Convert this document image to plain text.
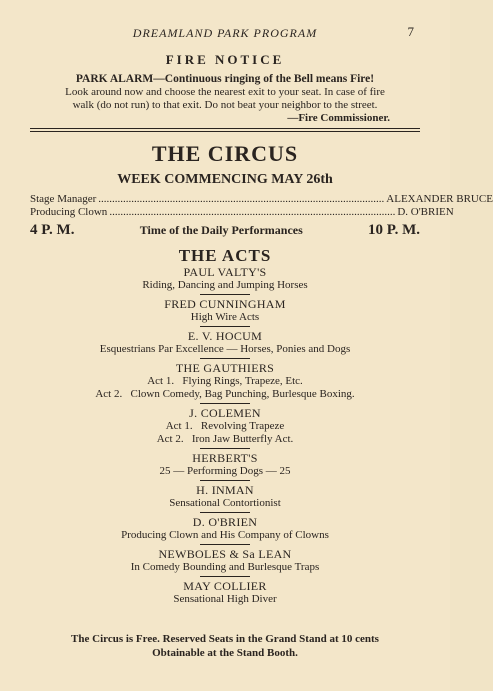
DREAMLAND PARK PROGRAM	7
FIRE NOTICE
PARK ALARM—Continuous ringing of the Bell means Fire!
Look around now and choose the nearest exit to your seat. In case of fire
walk (do not run) to that exit. Do not beat your neighbor to the street.
—Fire Commissioner.
THE CIRCUS
WEEK COMMENCING MAY 26th
Stage Manager ........................................................................................................ ALEXANDER BRUCE
Producing Clown ........................................................................................................ D. O'BRIEN
4 P. M.	Time of the Daily Performances	10 P. M.
THE ACTS
PAUL VALTY'S
Riding, Dancing and Jumping Horses
FRED CUNNINGHAM
High Wire Acts
E. V. HOCUM
Esquestrians Par Excellence — Horses, Ponies and Dogs
THE GAUTHIERS
Act 1.   Flying Rings, Trapeze, Etc.
Act 2.   Clown Comedy, Bag Punching, Burlesque Boxing.
J. COLEMEN
Act 1.   Revolving Trapeze
Act 2.   Iron Jaw Butterfly Act.
HERBERT'S
25 — Performing Dogs — 25
H. INMAN
Sensational Contortionist
D. O'BRIEN
Producing Clown and His Company of Clowns
NEWBOLES & Sa LEAN
In Comedy Bounding and Burlesque Traps
MAY COLLIER
Sensational High Diver
The Circus is Free. Reserved Seats in the Grand Stand at 10 cents
Obtainable at the Stand Booth.
